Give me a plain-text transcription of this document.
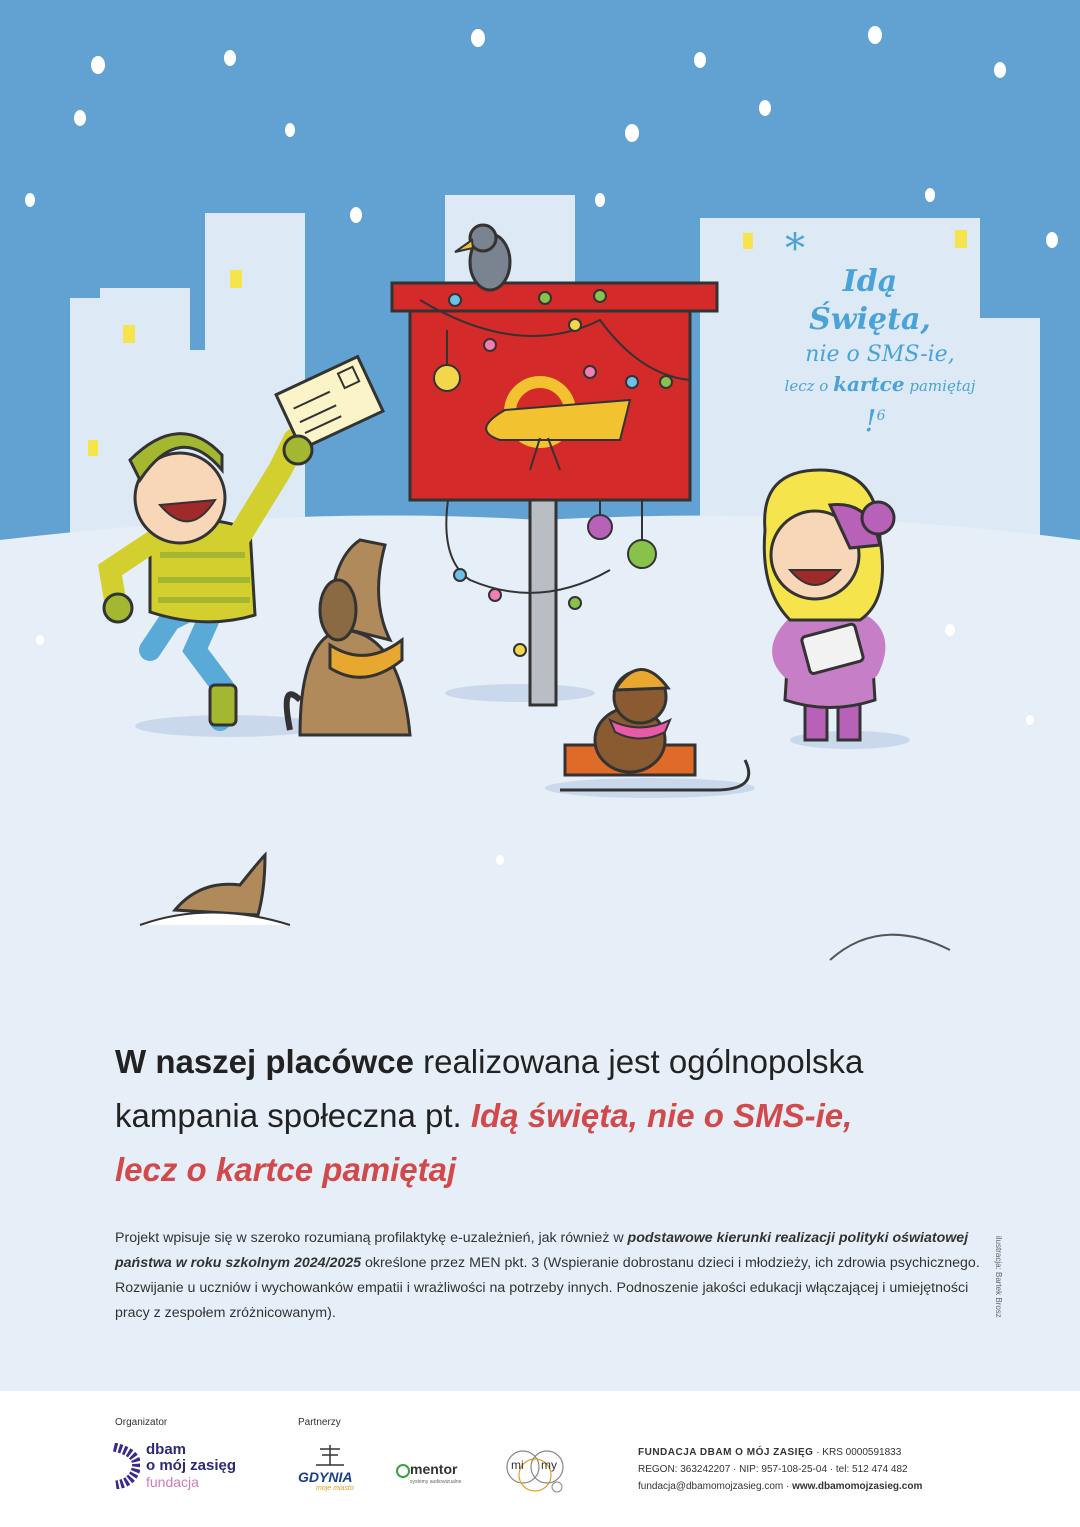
*
Idą
Święta,
nie o SMS-ie,
lecz o kartce pamiętaj
!$^6$
W naszej placówce realizowana jest ogólnopolska
kampania społeczna pt. Idą święta, nie o SMS-ie,
lecz o kartce pamiętaj
Projekt wpisuje się w szeroko rozumianą profilaktykę e-uzależnień, jak również w podstawowe kierunki realizacji polityki oświatowej państwa w roku szkolnym 2024/2025 określone przez MEN pkt. 3 (Wspieranie dobrostanu dzieci i młodzieży, ich zdrowia psychicznego. Rozwijanie u uczniów i wychowanków empatii i wrażliwości na potrzeby innych. Podnoszenie jakości edukacji włączającej i umiejętności pracy z zespołem zróżnicowanym).	ilustracja: Bartek Brosz
Organizator	Partnerzy
dbam
o mój zasięg
fundacja	GDYNIA
moje miasto
mentor
systemy audiowizualne
mi my
FUNDACJA DBAM O MÓJ ZASIĘG · KRS 0000591833
REGON: 363242207 · NIP: 957-108-25-04 · tel: 512 474 482
fundacja@dbamomojzasieg.com · www.dbamomojzasieg.com
